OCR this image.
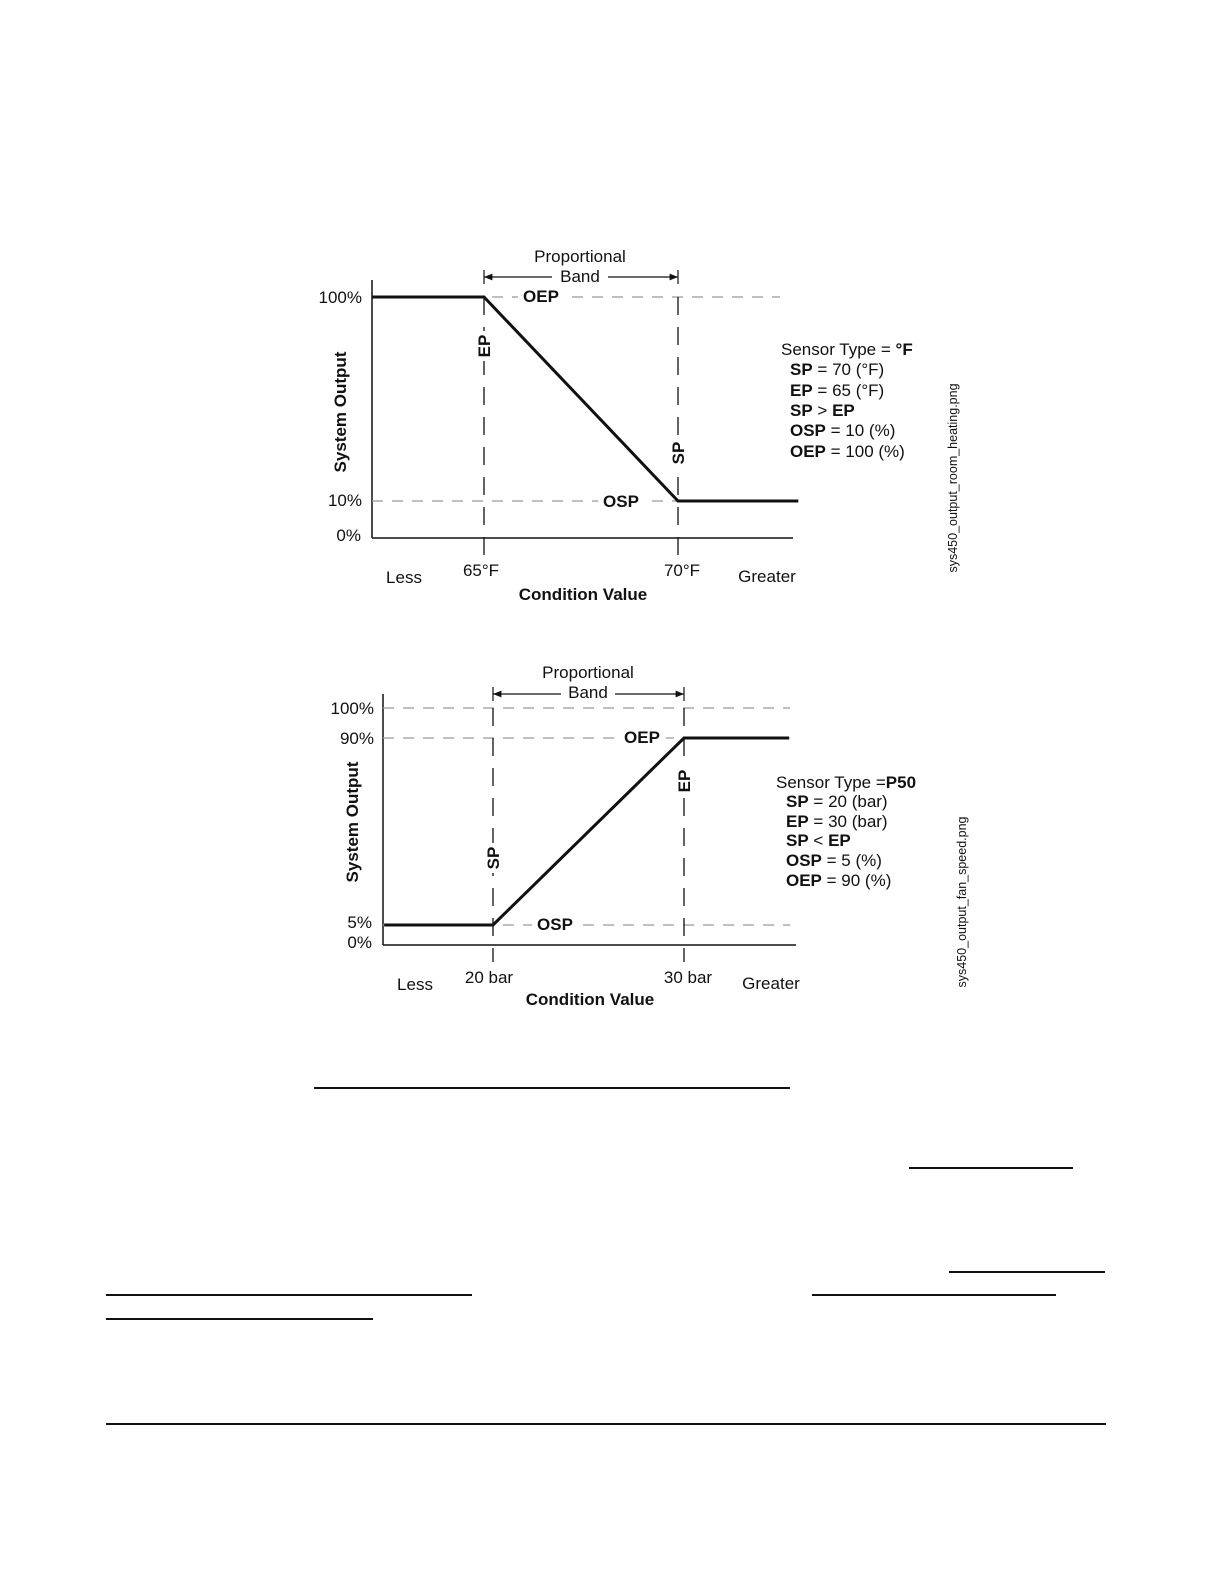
Proportional
Band
OEP
OSP
EP
SP
100%
10%
0%
System Output
Less 65°F	70°F Greater
Condition Value
Sensor Type = °F
SP = 70 (°F)
EP = 65 (°F)
SP > EP
OSP = 10 (%)
OEP = 100 (%)	sys450_output_room_heating.png
Proportional
Band
OEP
OSP
SP
EP
100%
90%
5%
0%
System Output
Less 20 bar	30 bar Greater
Condition Value
Sensor Type =P50
SP = 20 (bar)
EP = 30 (bar)
SP < EP
OSP = 5 (%)
OEP = 90 (%)	sys450_output_fan_speed.png
